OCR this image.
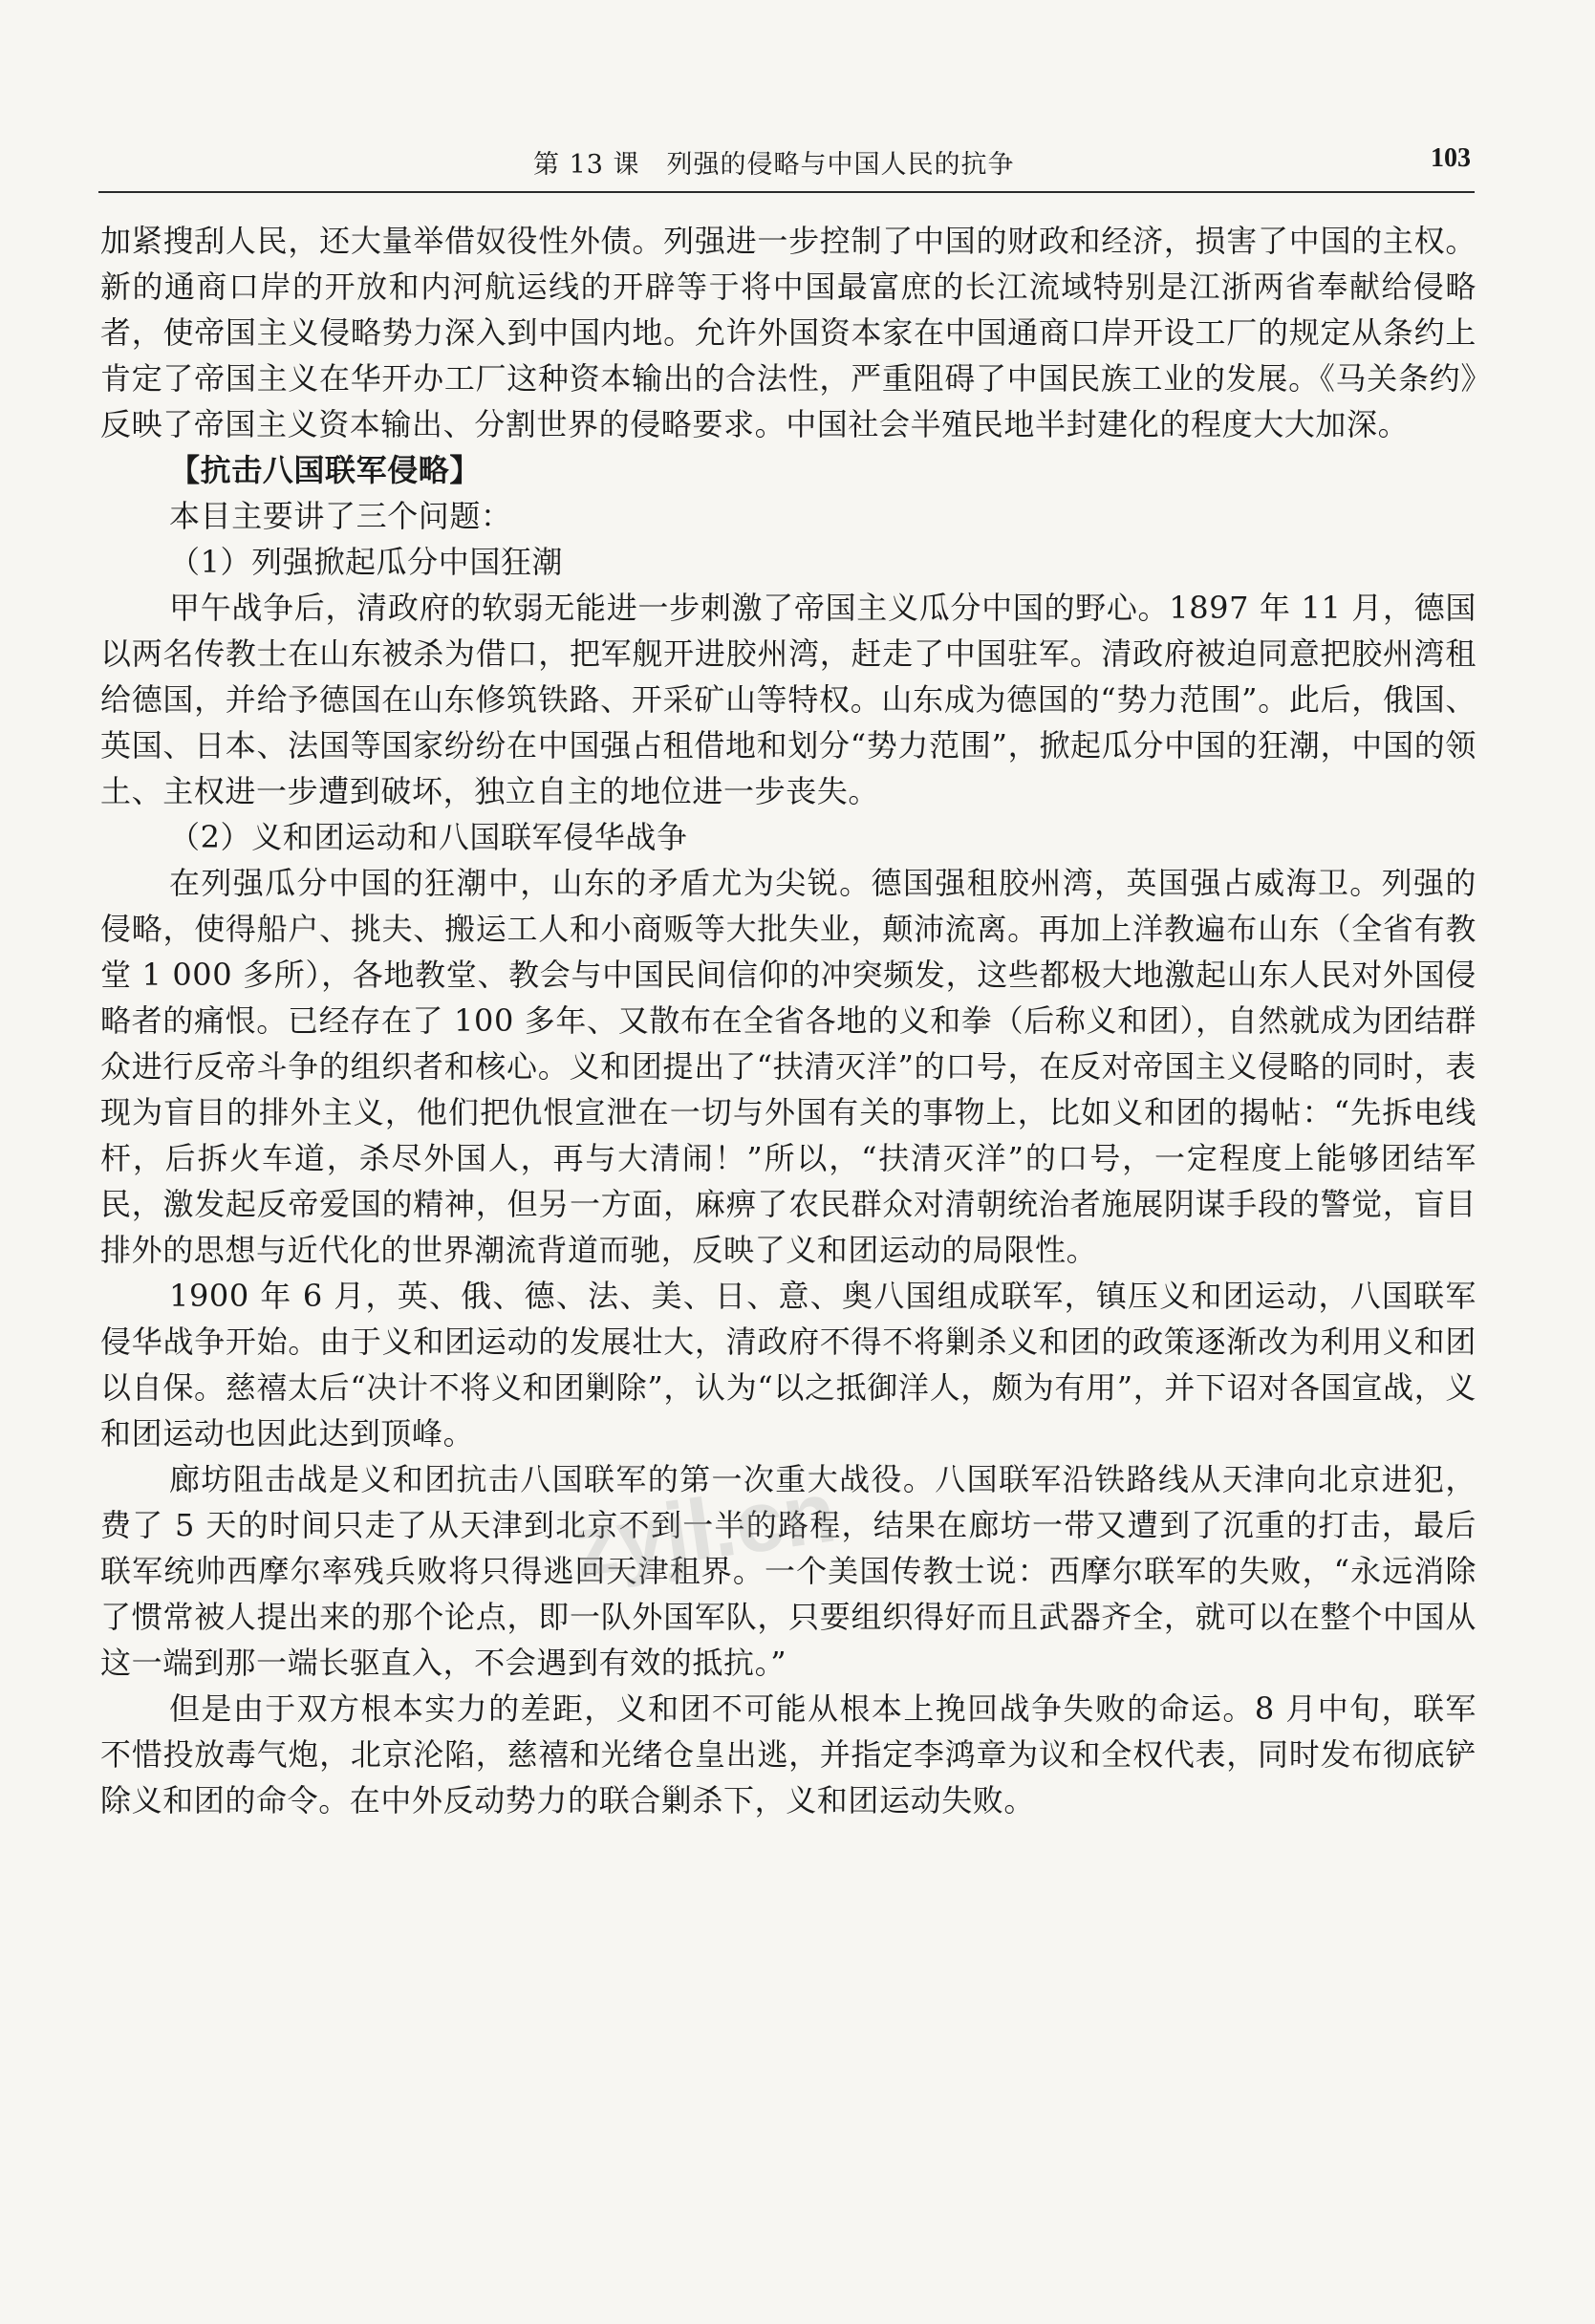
第 13 课　列强的侵略与中国人民的抗争	103

加紧搜刮人民，还大量举借奴役性外债。列强进一步控制了中国的财政和经济，损害了中国的主权。新的通商口岸的开放和内河航运线的开辟等于将中国最富庶的长江流域特别是江浙两省奉献给侵略者，使帝国主义侵略势力深入到中国内地。允许外国资本家在中国通商口岸开设工厂的规定从条约上肯定了帝国主义在华开办工厂这种资本输出的合法性，严重阻碍了中国民族工业的发展。《马关条约》反映了帝国主义资本输出、分割世界的侵略要求。中国社会半殖民地半封建化的程度大大加深。

【抗击八国联军侵略】

本目主要讲了三个问题：

（1）列强掀起瓜分中国狂潮

甲午战争后，清政府的软弱无能进一步刺激了帝国主义瓜分中国的野心。1897 年 11 月，德国以两名传教士在山东被杀为借口，把军舰开进胶州湾，赶走了中国驻军。清政府被迫同意把胶州湾租给德国，并给予德国在山东修筑铁路、开采矿山等特权。山东成为德国的“势力范围”。此后，俄国、英国、日本、法国等国家纷纷在中国强占租借地和划分“势力范围”，掀起瓜分中国的狂潮，中国的领土、主权进一步遭到破坏，独立自主的地位进一步丧失。

（2）义和团运动和八国联军侵华战争

在列强瓜分中国的狂潮中，山东的矛盾尤为尖锐。德国强租胶州湾，英国强占威海卫。列强的侵略，使得船户、挑夫、搬运工人和小商贩等大批失业，颠沛流离。再加上洋教遍布山东（全省有教堂 1 000 多所），各地教堂、教会与中国民间信仰的冲突频发，这些都极大地激起山东人民对外国侵略者的痛恨。已经存在了 100 多年、又散布在全省各地的义和拳（后称义和团），自然就成为团结群众进行反帝斗争的组织者和核心。义和团提出了“扶清灭洋”的口号，在反对帝国主义侵略的同时，表现为盲目的排外主义，他们把仇恨宣泄在一切与外国有关的事物上，比如义和团的揭帖：“先拆电线杆，后拆火车道，杀尽外国人，再与大清闹！”所以，“扶清灭洋”的口号，一定程度上能够团结军民，激发起反帝爱国的精神，但另一方面，麻痹了农民群众对清朝统治者施展阴谋手段的警觉，盲目排外的思想与近代化的世界潮流背道而驰，反映了义和团运动的局限性。

1900 年 6 月，英、俄、德、法、美、日、意、奥八国组成联军，镇压义和团运动，八国联军侵华战争开始。由于义和团运动的发展壮大，清政府不得不将剿杀义和团的政策逐渐改为利用义和团以自保。慈禧太后“决计不将义和团剿除”，认为“以之抵御洋人，颇为有用”，并下诏对各国宣战，义和团运动也因此达到顶峰。

廊坊阻击战是义和团抗击八国联军的第一次重大战役。八国联军沿铁路线从天津向北京进犯，费了 5 天的时间只走了从天津到北京不到一半的路程，结果在廊坊一带又遭到了沉重的打击，最后联军统帅西摩尔率残兵败将只得逃回天津租界。一个美国传教士说：西摩尔联军的失败，“永远消除了惯常被人提出来的那个论点，即一队外国军队，只要组织得好而且武器齐全，就可以在整个中国从这一端到那一端长驱直入，不会遇到有效的抵抗。”

但是由于双方根本实力的差距，义和团不可能从根本上挽回战争失败的命运。8 月中旬，联军不惜投放毒气炮，北京沦陷，慈禧和光绪仓皇出逃，并指定李鸿章为议和全权代表，同时发布彻底铲除义和团的命令。在中外反动势力的联合剿杀下，义和团运动失败。

zyjl.cn
